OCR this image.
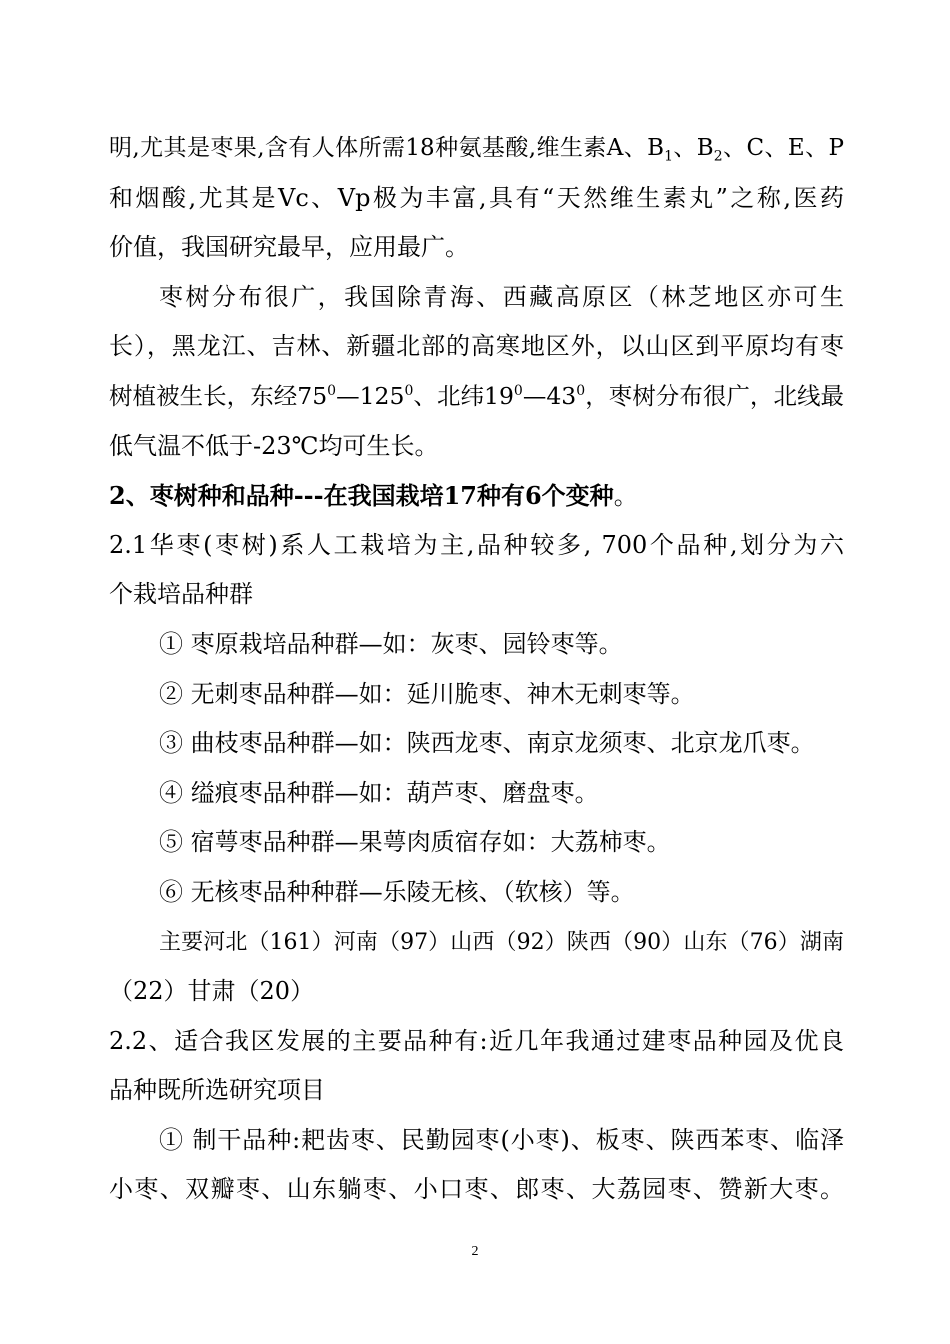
明,尤其是枣果,含有人体所需18种氨基酸,维生素A、$B_1$、$B_2$、C、E、P
和烟酸,尤其是Vc、Vp极为丰富,具有“天然维生素丸”之称,医药
价值，我国研究最早，应用最广。
枣树分布很广，我国除青海、西藏高原区（林芝地区亦可生
长），黑龙江、吉林、新疆北部的高寒地区外，以山区到平原均有枣
树植被生长，东经$75^0—125^0$、北纬$19^0—43^0$，枣树分布很广，北线最
低气温不低于-23℃均可生长。
2、枣树种和品种---在我国栽培17种有6个变种。
2.1华枣(枣树)系人工栽培为主,品种较多, 700个品种,划分为六
个栽培品种群
① 枣原栽培品种群—如：灰枣、园铃枣等。
② 无刺枣品种群—如：延川脆枣、神木无刺枣等。
③ 曲枝枣品种群—如：陕西龙枣、南京龙须枣、北京龙爪枣。
④ 缢痕枣品种群—如：葫芦枣、磨盘枣。
⑤ 宿萼枣品种群—果萼肉质宿存如：大荔柿枣。
⑥ 无核枣品种种群—乐陵无核、（软核）等。
主要河北（161）河南（97）山西（92）陕西（90）山东（76）湖南
（22）甘肃（20）
2.2、适合我区发展的主要品种有:近几年我通过建枣品种园及优良
品种既所选研究项目
① 制干品种:耙齿枣、民勤园枣(小枣)、板枣、陕西苯枣、临泽
小枣、双瓣枣、山东躺枣、小口枣、郎枣、大荔园枣、赞新大枣。
2
